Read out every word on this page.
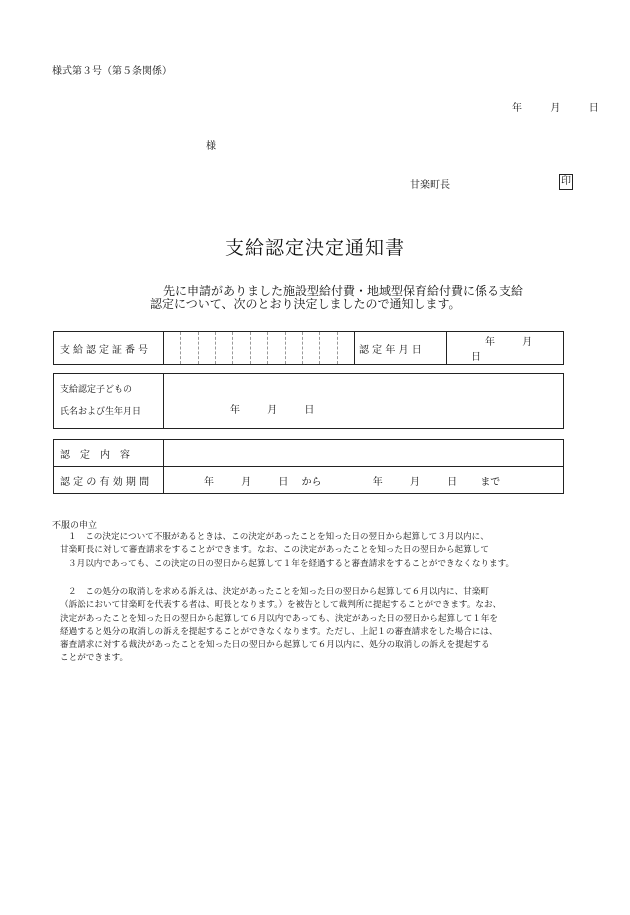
様式第３号（第５条関係）
年	月	日
様
甘楽町長	印
支給認定決定通知書
先に申請がありました施設型給付費・地域型保育給付費に係る支給
認定について、次のとおり決定しましたので通知します。
支給認定証番号		認 定 年 月 日	年	月 日
支給認定子どもの
氏名および生年月日	年	月	日
認　定　内　容	
認 定 の 有 効 期 間	年 月 日 から 年 月 日 まで
不服の申立
１　この決定について不服があるときは、この決定があったことを知った日の翌日から起算して３月以内に、
甘楽町長に対して審査請求をすることができます。なお、この決定があったことを知った日の翌日から起算して
３月以内であっても、この決定の日の翌日から起算して１年を経過すると審査請求をすることができなくなります。
２　この処分の取消しを求める訴えは、決定があったことを知った日の翌日から起算して６月以内に、甘楽町
（訴訟において甘楽町を代表する者は、町長となります。）を被告として裁判所に提起することができます。なお、
決定があったことを知った日の翌日から起算して６月以内であっても、決定があった日の翌日から起算して１年を
経過すると処分の取消しの訴えを提起することができなくなります。ただし、上記１の審査請求をした場合には、
審査請求に対する裁決があったことを知った日の翌日から起算して６月以内に、処分の取消しの訴えを提起する
ことができます。
